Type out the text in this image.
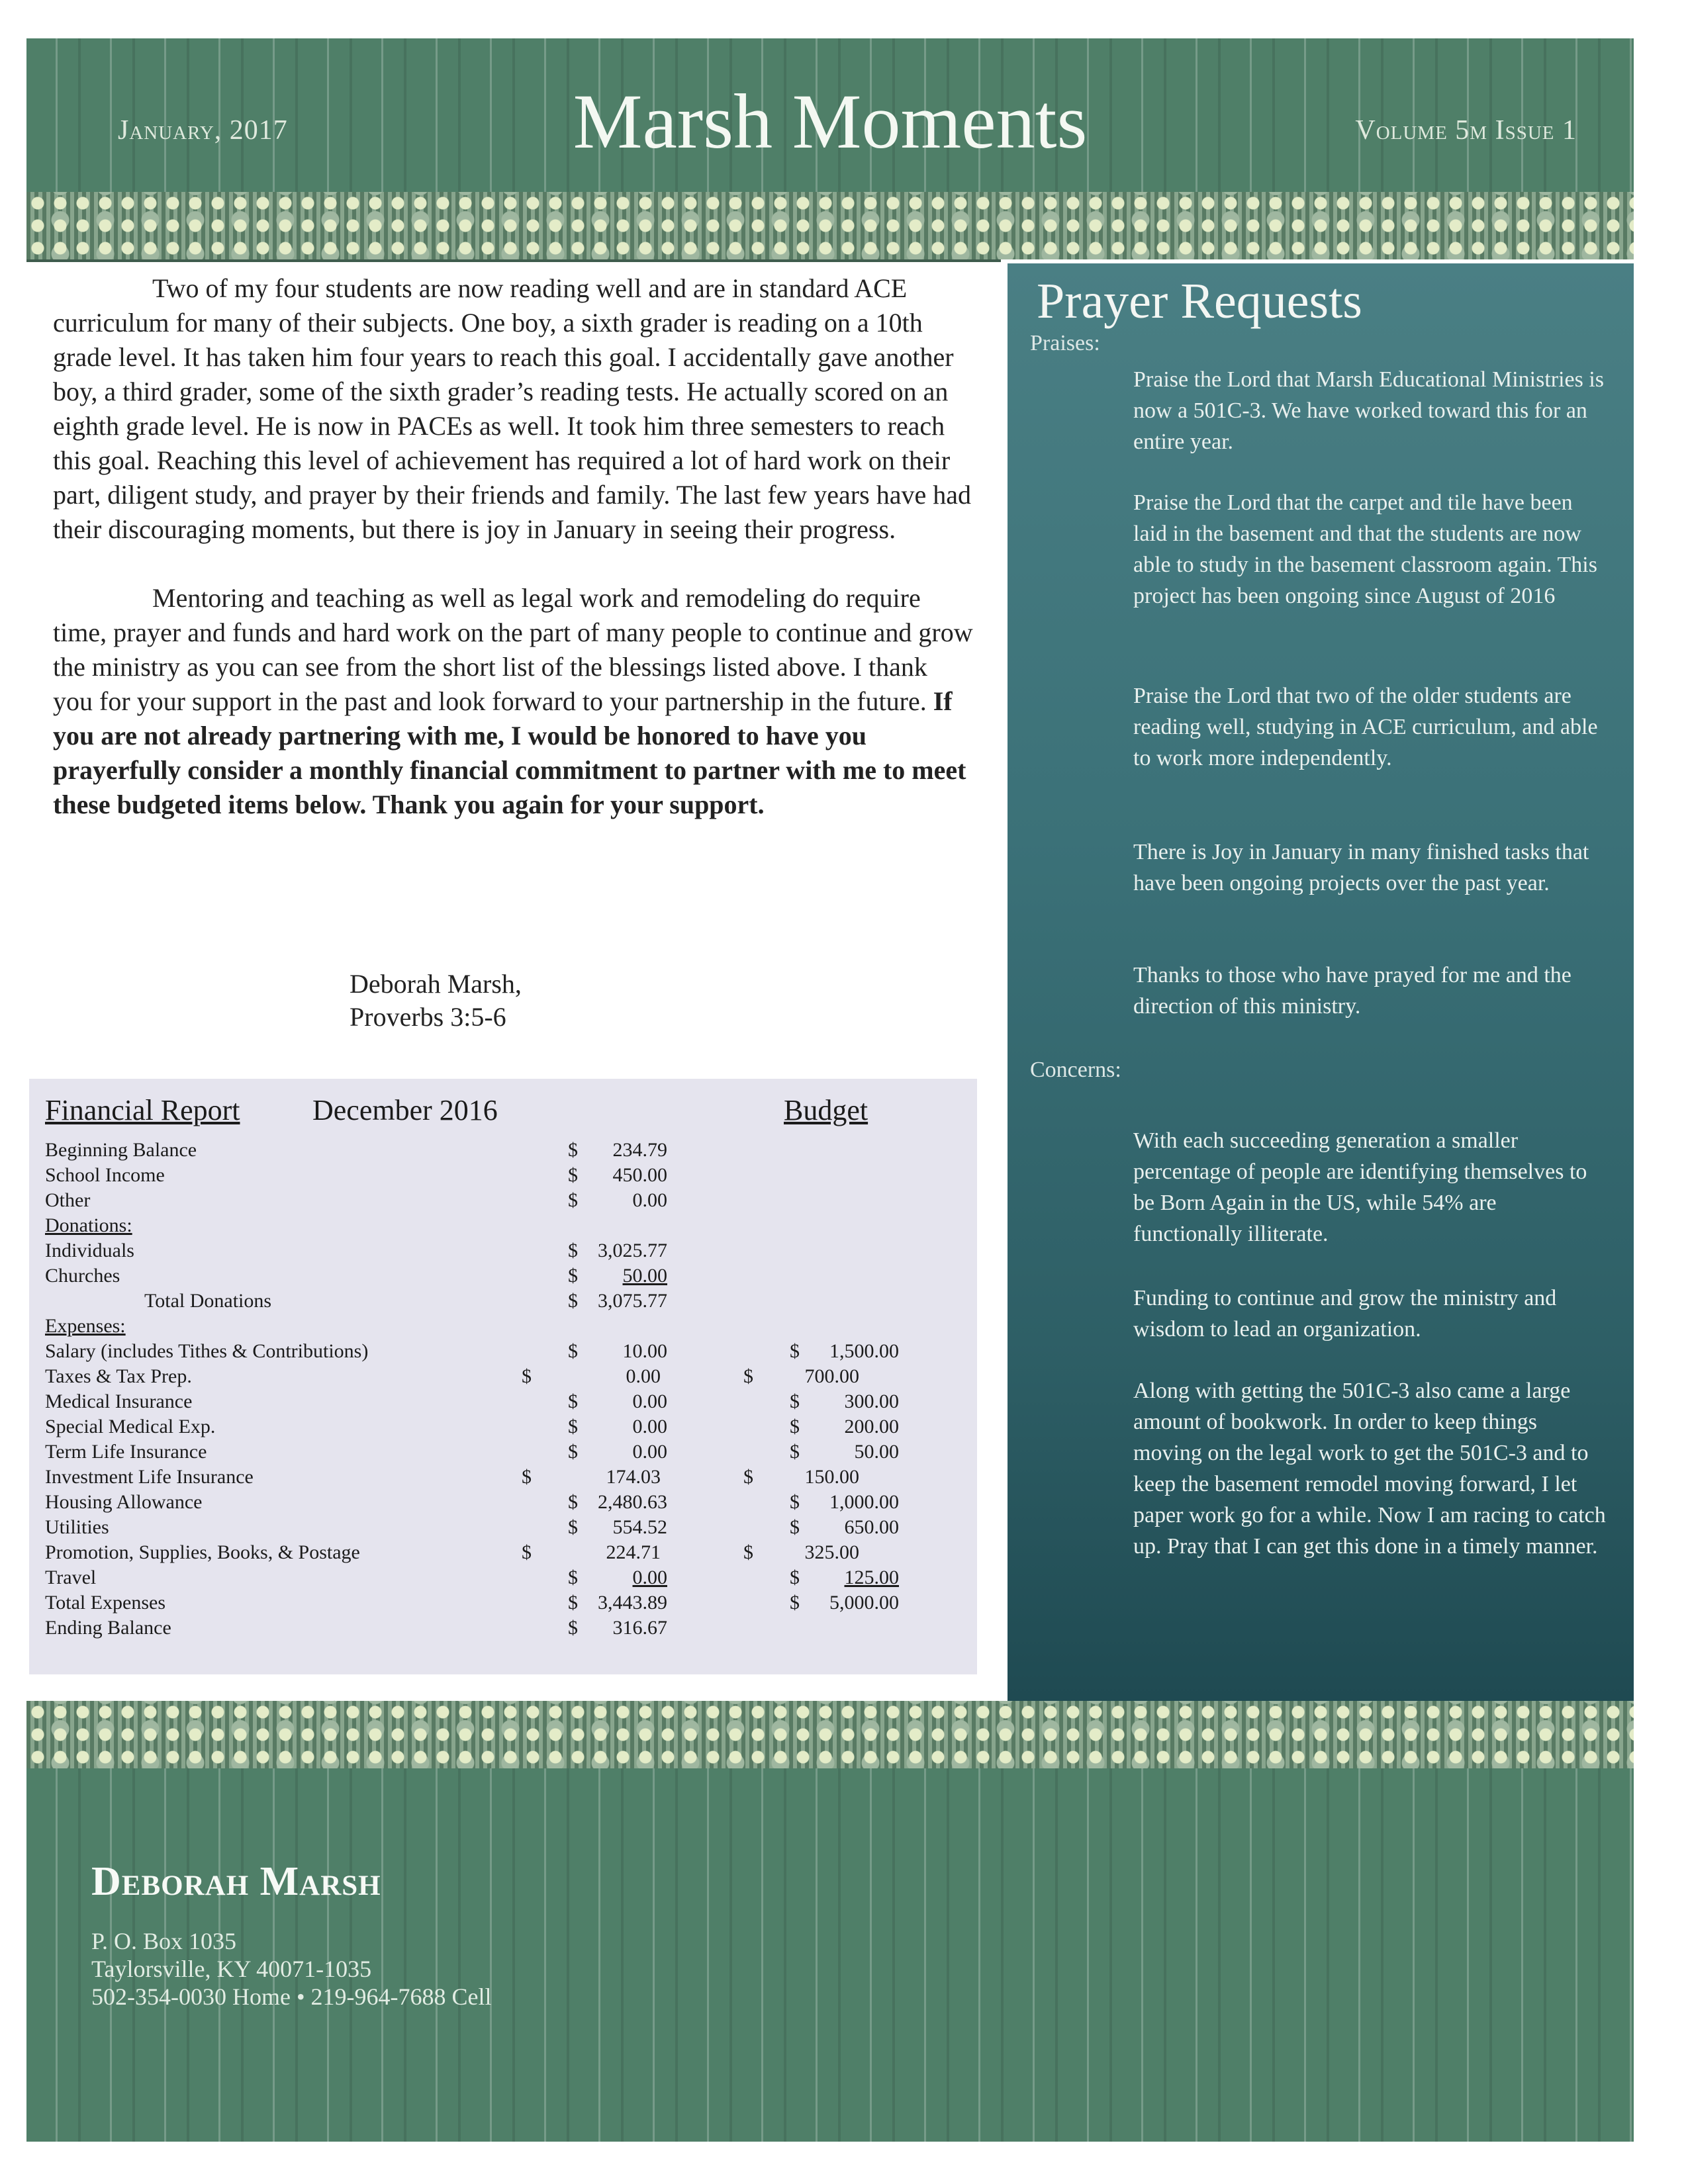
January, 2017	Marsh Moments	Volume 5m Issue 1

Two of my four students are now reading well and are in standard ACE curriculum for many of their subjects. One boy, a sixth grader is reading on a 10th grade level. It has taken him four years to reach this goal. I accidentally gave another boy, a third grader, some of the sixth grader’s reading tests. He actually scored on an eighth grade level. He is now in PACEs as well. It took him three semesters to reach this goal. Reaching this level of achievement has required a lot of hard work on their part, diligent study, and prayer by their friends and family. The last few years have had their discouraging moments, but there is joy in January in seeing their progress.

Mentoring and teaching as well as legal work and remodeling do require time, prayer and funds and hard work on the part of many people to continue and grow the ministry as you can see from the short list of the blessings listed above. I thank you for your support in the past and look forward to your partnership in the future. If you are not already partnering with me, I would be honored to have you prayerfully consider a monthly financial commitment to partner with me to meet these budgeted items below. Thank you again for your support.

Deborah Marsh,
Proverbs 3:5-6
Financial Report December 2016	Budget
Beginning Balance	$	234.79
School Income	$	450.00
Other	$	0.00
Donations:
Individuals	$	3,025.77
Churches	$	50.00
Total Donations	$	3,075.77
Expenses:
Salary (includes Tithes & Contributions)	$	10.00	$	1,500.00
Taxes & Tax Prep.	$	0.00	$	700.00
Medical Insurance	$	0.00	$	300.00
Special Medical Exp.	$	0.00	$	200.00
Term Life Insurance	$	0.00	$	50.00
Investment Life Insurance	$	174.03	$	150.00
Housing Allowance	$	2,480.63	$	1,000.00
Utilities	$	554.52	$	650.00
Promotion, Supplies, Books, & Postage	$	224.71	$	325.00
Travel	$	0.00	$	125.00
Total Expenses	$	3,443.89	$	5,000.00
Ending Balance	$	316.67
Prayer Requests
Praises:
Praise the Lord that Marsh Educational Ministries is now a 501C-3. We have worked toward this for an entire year.
Praise the Lord that the carpet and tile have been laid in the basement and that the students are now able to study in the basement classroom again. This project has been ongoing since August of 2016
Praise the Lord that two of the older students are reading well, studying in ACE curriculum, and able to work more independently.
There is Joy in January in many finished tasks that have been ongoing projects over the past year.
Thanks to those who have prayed for me and the direction of this ministry.
Concerns:
With each succeeding generation a smaller percentage of people are identifying themselves to be Born Again in the US, while 54% are functionally illiterate.
Funding to continue and grow the ministry and wisdom to lead an organization.
Along with getting the 501C-3 also came a large amount of bookwork. In order to keep things moving on the legal work to get the 501C-3 and to keep the basement remodel moving forward, I let paper work go for a while. Now I am racing to catch up. Pray that I can get this done in a timely manner.
Deborah Marsh
P. O. Box 1035
Taylorsville, KY 40071-1035
502-354-0030 Home • 219-964-7688 Cell
